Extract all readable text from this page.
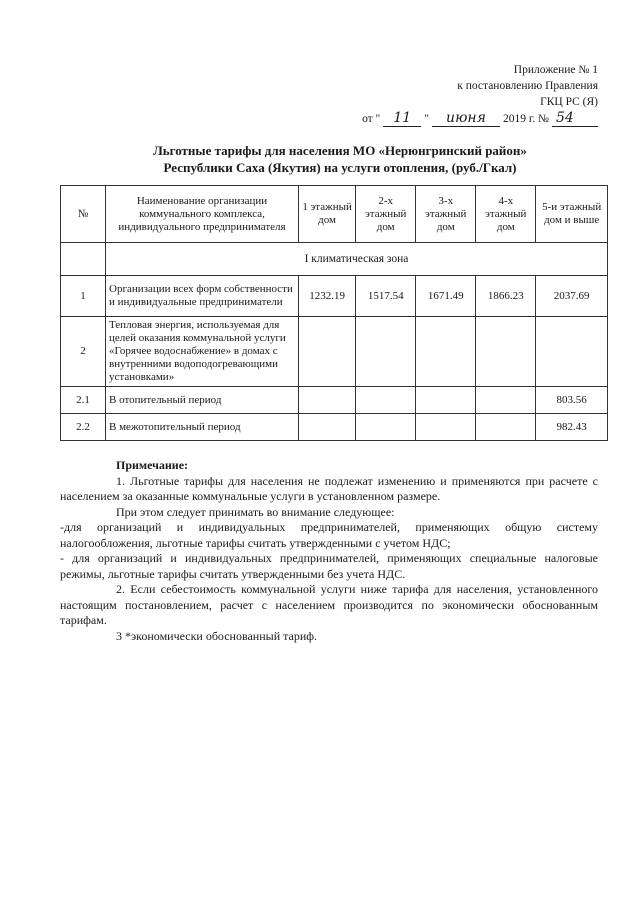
Приложение № 1
к постановлению Правления
ГКЦ РС (Я)
от " 11	"	июня	2019 г. № 54
Льготные тарифы для населения МО «Нерюнгринский район»
Республики Саха (Якутия) на услуги отопления, (руб./Гкал)
№	Наименование организации коммунального комплекса, индивидуального предпринимателя	1 этажный дом	2-х этажный дом	3-х этажный дом	4-х этажный дом	5-и этажный дом и выше
	I климатическая зона					
1	Организации всех форм собственности и индивидуальные предприниматели	1232.19	1517.54	1671.49	1866.23	2037.69
2	Тепловая энергия, используемая для целей оказания коммунальной услуги «Горячее водоснабжение» в домах с внутренними водоподогревающими установками»					
2.1	В отопительный период					803.56
2.2	В межотопительный период					982.43
Примечание:

1. Льготные тарифы для населения не подлежат изменению и применяются при расчете с населением за оказанные коммунальные услуги в установленном размере.

При этом следует принимать во внимание следующее:

-для организаций и индивидуальных предпринимателей, применяющих общую систему налогообложения, льготные тарифы считать утвержденными с учетом НДС;

- для организаций и индивидуальных предпринимателей, применяющих специальные налоговые режимы, льготные тарифы считать утвержденными без учета НДС.

2. Если себестоимость коммунальной услуги ниже тарифа для населения, установленного настоящим постановлением, расчет с населением производится по экономически обоснованным тарифам.

3 *экономически обоснованный тариф.
